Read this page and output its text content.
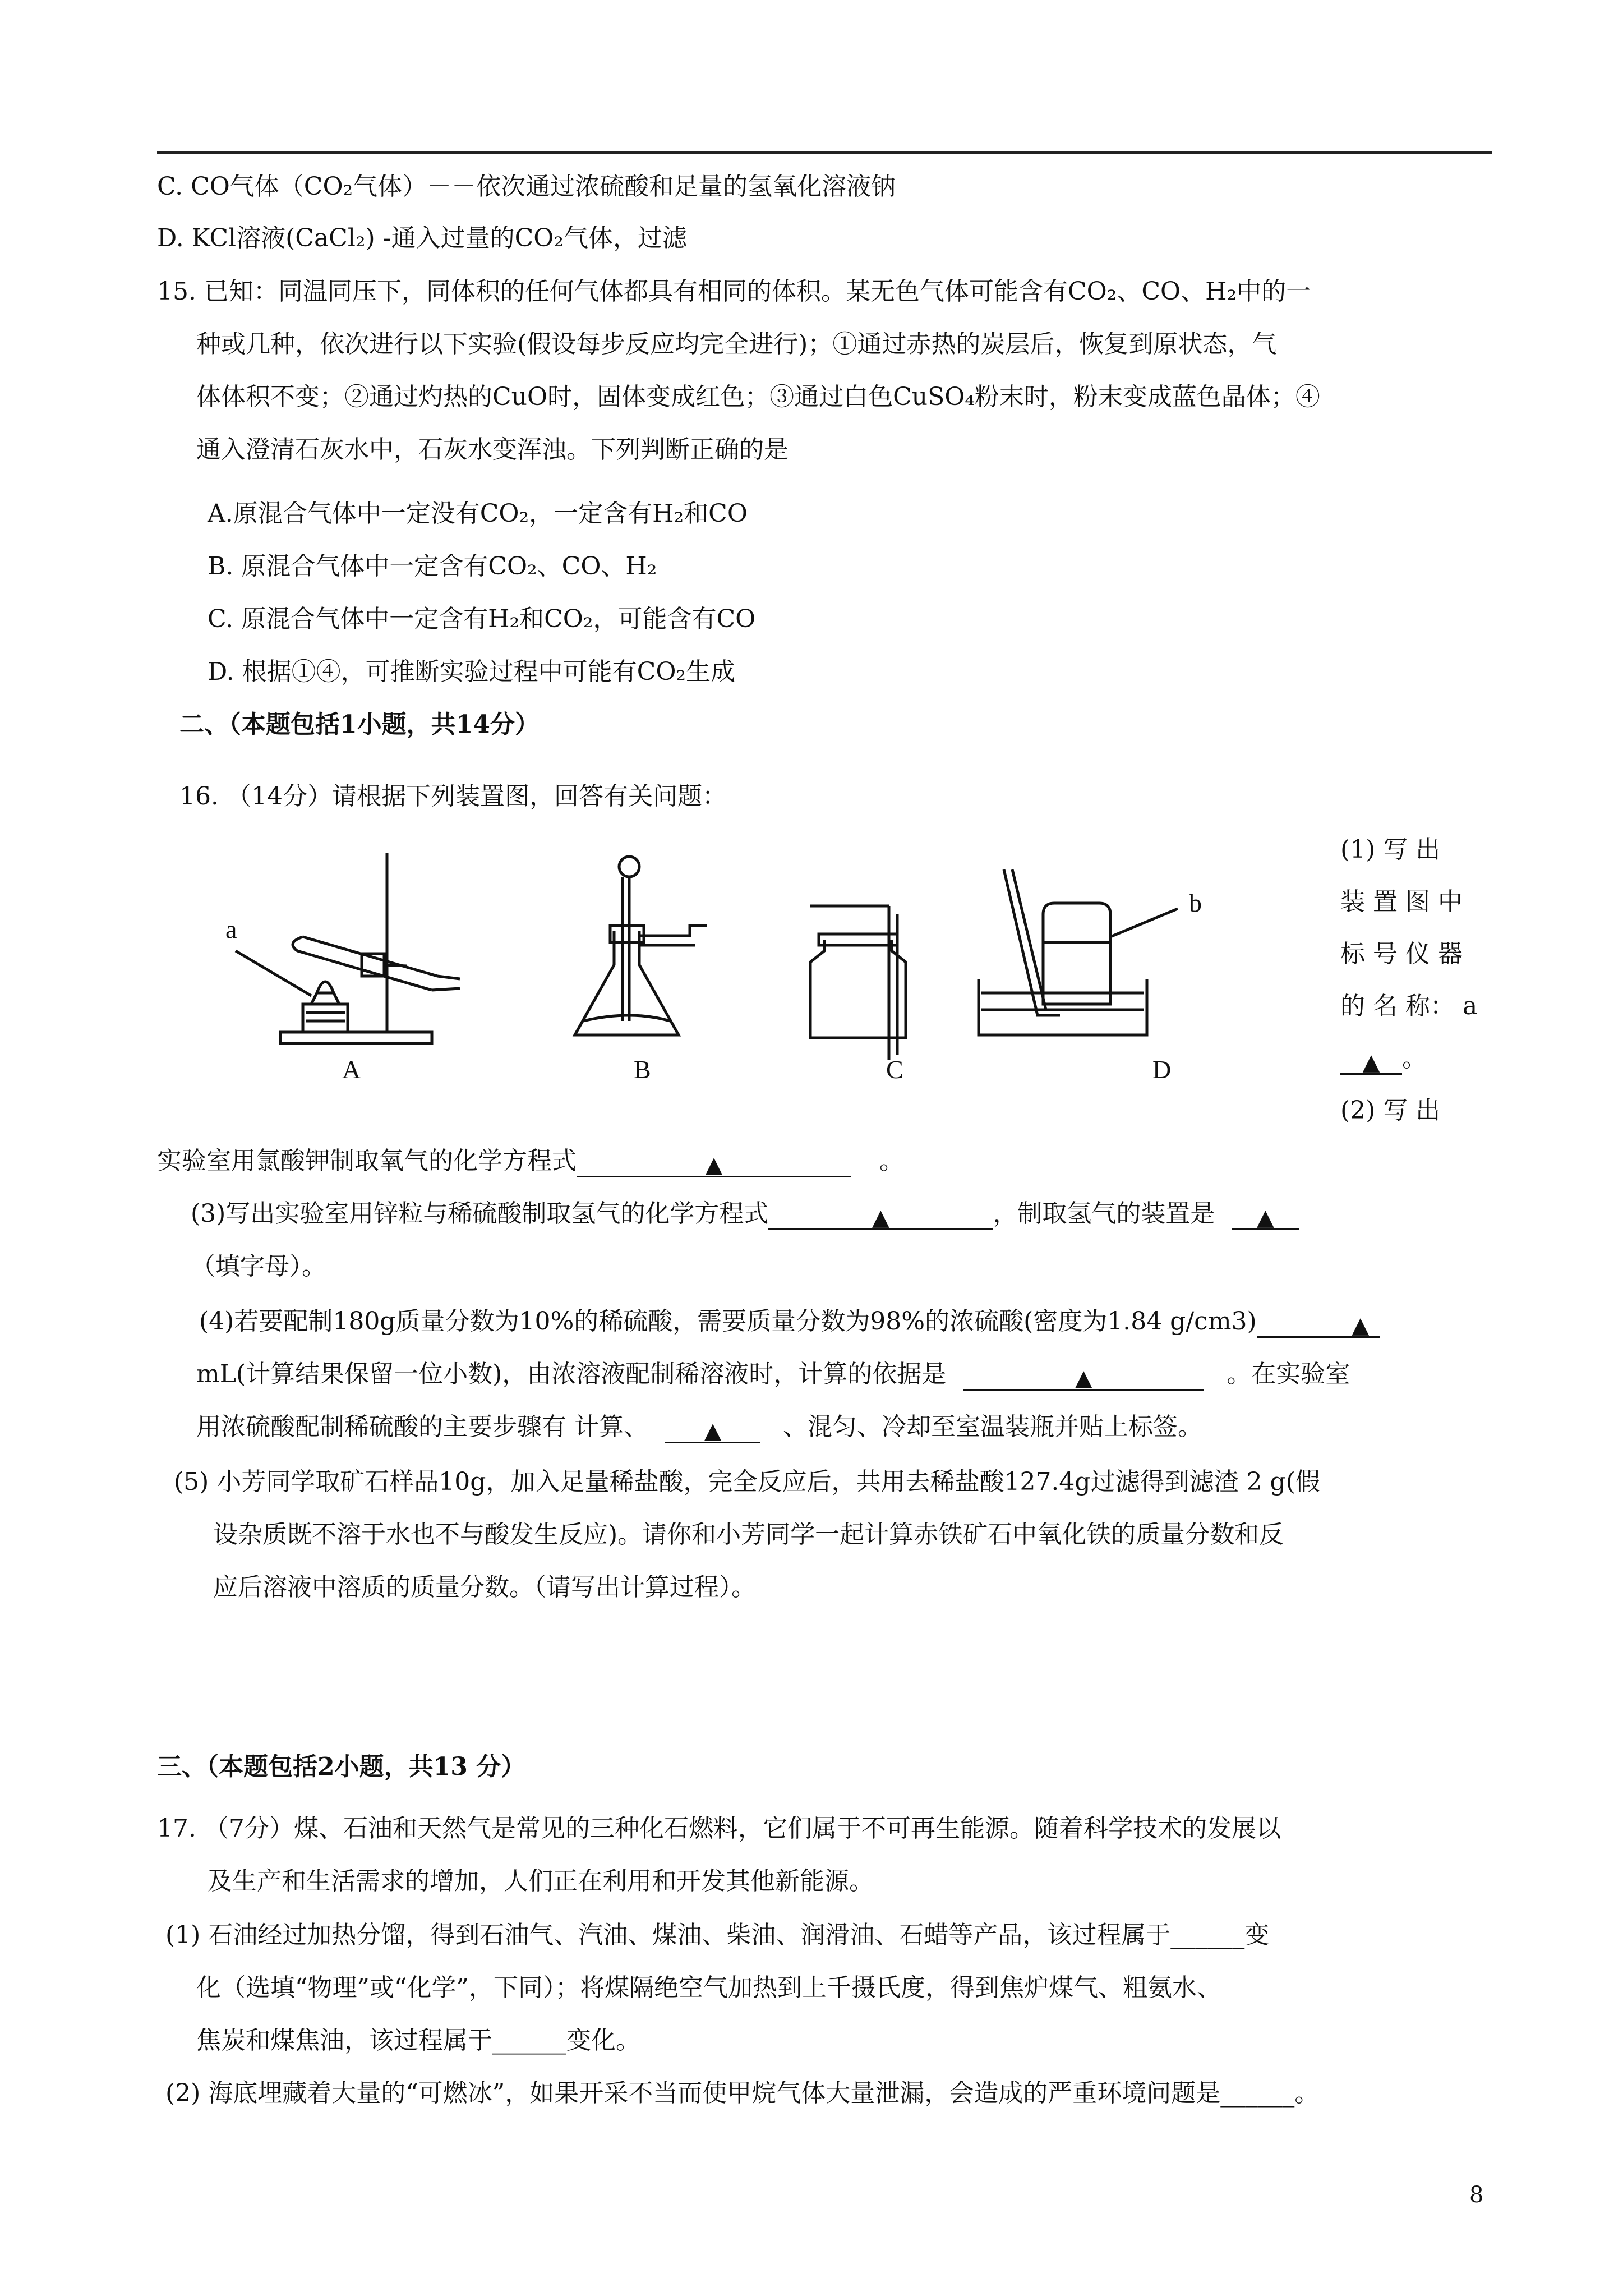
C. CO气体（CO₂气体）－－依次通过浓硫酸和足量的氢氧化溶液钠
D. KCl溶液(CaCl₂) -通入过量的CO₂气体，过滤
15. 已知：同温同压下，同体积的任何气体都具有相同的体积。某无色气体可能含有CO₂、CO、H₂中的一
种或几种，依次进行以下实验(假设每步反应均完全进行)；①通过赤热的炭层后，恢复到原状态，气
体体积不变；②通过灼热的CuO时，固体变成红色；③通过白色CuSO₄粉末时，粉末变成蓝色晶体；④
通入澄清石灰水中，石灰水变浑浊。下列判断正确的是
A.原混合气体中一定没有CO₂，一定含有H₂和CO
B. 原混合气体中一定含有CO₂、CO、H₂
C. 原混合气体中一定含有H₂和CO₂，可能含有CO
D. 根据①④，可推断实验过程中可能有CO₂生成
二、（本题包括1小题，共14分）
16. （14分）请根据下列装置图，回答有关问题：
a
b
A	B	C	D
(1) 写 出
装 置 图 中
标 号 仪 器
的 名 称： a
▲ 。
(2) 写 出
实验室用氯酸钾制取氧气的化学方程式	▲	。
(3)写出实验室用锌粒与稀硫酸制取氢气的化学方程式	▲	，制取氢气的装置是 ▲
（填字母）。
(4)若要配制180g质量分数为10%的稀硫酸，需要质量分数为98%的浓硫酸(密度为1.84 g/cm3)	▲
mL(计算结果保留一位小数)，由浓溶液配制稀溶液时，计算的依据是	▲	。在实验室
用浓硫酸配制稀硫酸的主要步骤有 计算、 ▲ 、混匀、冷却至室温装瓶并贴上标签。
(5) 小芳同学取矿石样品10g，加入足量稀盐酸，完全反应后，共用去稀盐酸127.4g过滤得到滤渣 2 g(假
设杂质既不溶于水也不与酸发生反应)。请你和小芳同学一起计算赤铁矿石中氧化铁的质量分数和反
应后溶液中溶质的质量分数。（请写出计算过程）。
三、（本题包括2小题，共13 分）
17. （7分）煤、石油和天然气是常见的三种化石燃料，它们属于不可再生能源。随着科学技术的发展以
及生产和生活需求的增加，人们正在利用和开发其他新能源。
(1) 石油经过加热分馏，得到石油气、汽油、煤油、柴油、润滑油、石蜡等产品，该过程属于______变
化（选填“物理”或“化学”，下同）；将煤隔绝空气加热到上千摄氏度，得到焦炉煤气、粗氨水、
焦炭和煤焦油，该过程属于______变化。
(2) 海底埋藏着大量的“可燃冰”，如果开采不当而使甲烷气体大量泄漏，会造成的严重环境问题是______。
8
